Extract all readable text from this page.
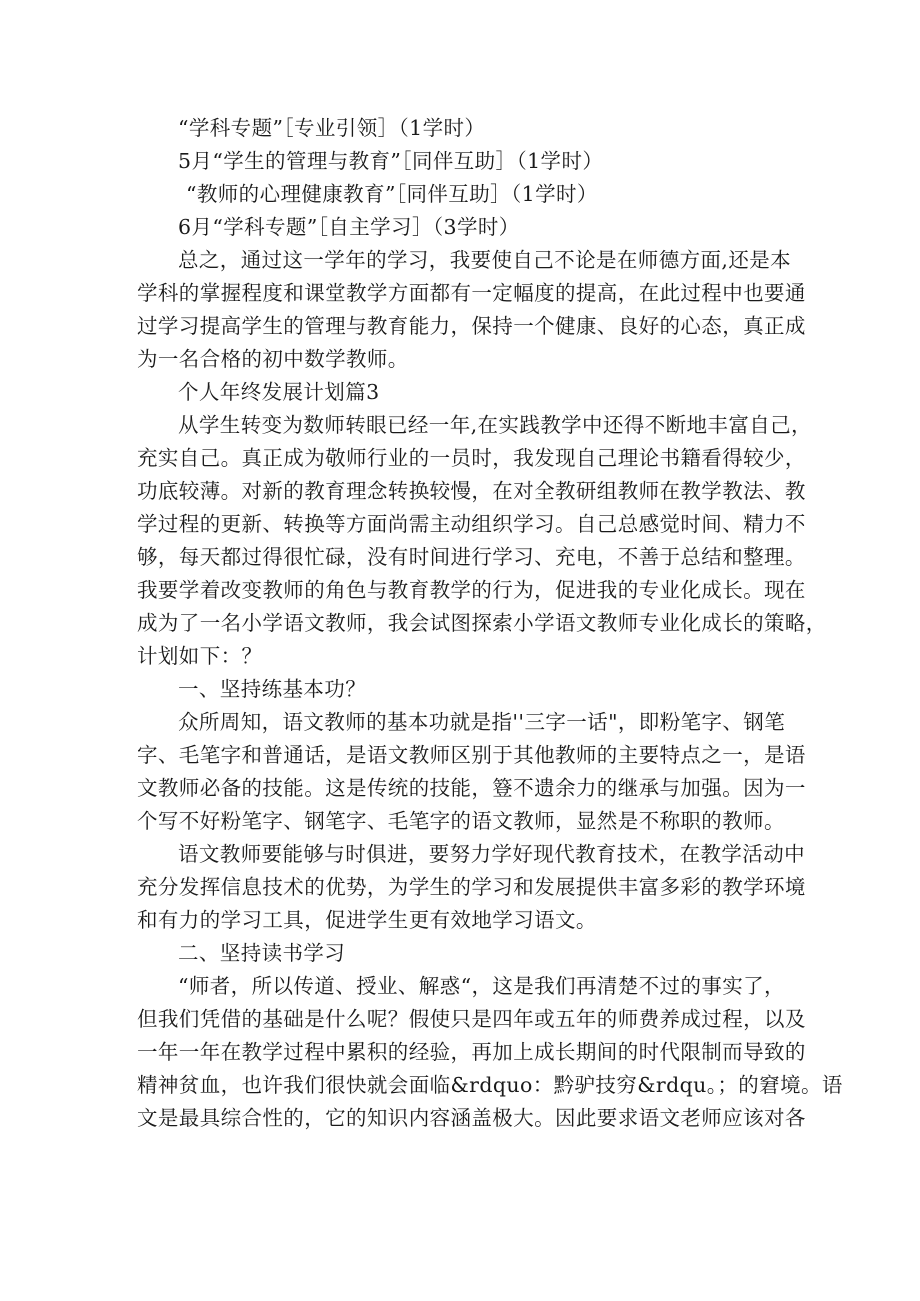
“学科专题”［专业引领］（1学时）
5月“学生的管理与教育”［同伴互助］（1学时）
“教师的心理健康教育”［同伴互助］（1学时）
6月“学科专题”［自主学习］（3学时）
总之，通过这一学年的学习，我要使自己不论是在师德方面,还是本
学科的掌握程度和课堂教学方面都有一定幅度的提高，在此过程中也要通
过学习提高学生的管理与教育能力，保持一个健康、良好的心态，真正成
为一名合格的初中数学教师。
个人年终发展计划篇3
从学生转变为数师转眼已经一年,在实践教学中还得不断地丰富自己，
充实自己。真正成为敬师行业的一员时，我发现自己理论书籍看得较少，
功底较薄。对新的教育理念转换较慢，在对全教研组教师在教学教法、教
学过程的更新、转换等方面尚需主动组织学习。自己总感觉时间、精力不
够，每天都过得很忙碌，没有时间进行学习、充电，不善于总结和整理。
我要学着改变教师的角色与教育教学的行为，促进我的专业化成长。现在
成为了一名小学语文教师，我会试图探索小学语文教师专业化成长的策略，
计划如下：？
一、坚持练基本功？
众所周知，语文教师的基本功就是指''三字一话"，即粉笔字、钢笔
字、毛笔字和普通话，是语文教师区别于其他教师的主要特点之一，是语
文教师必备的技能。这是传统的技能，簦不遗余力的继承与加强。因为一
个写不好粉笔字、钢笔字、毛笔字的语文教师，显然是不称职的教师。
语文教师要能够与时俱进，要努力学好现代教育技术，在教学活动中
充分发挥信息技术的优势，为学生的学习和发展提供丰富多彩的教学环境
和有力的学习工具，促进学生更有效地学习语文。
二、坚持读书学习
“师者，所以传道、授业、解惑“，这是我们再清楚不过的事实了，
但我们凭借的基础是什么呢？假使只是四年或五年的师费养成过程，以及
一年一年在教学过程中累积的经验，再加上成长期间的时代限制而导致的
精神贫血，也许我们很快就会面临&rdquo：黔驴技穷&rdqu。；的窘境。语
文是最具综合性的，它的知识内容涵盖极大。因此要求语文老师应该对各
